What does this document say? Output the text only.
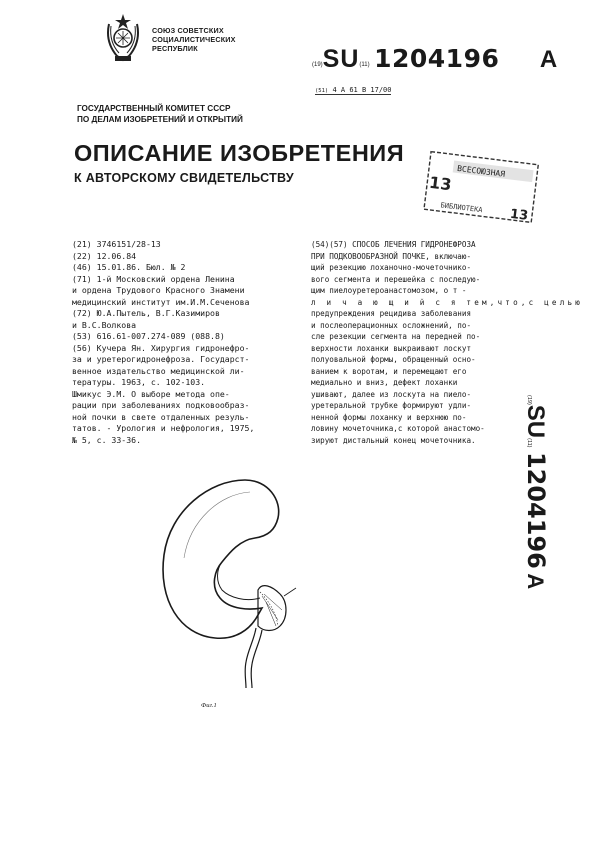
СОЮЗ СОВЕТСКИХ
СОЦИАЛИСТИЧЕСКИХ
РЕСПУБЛИК
(19)SU(11) 1204196 A
(51) 4 А 61 В 17/00
ГОСУДАРСТВЕННЫЙ КОМИТЕТ СССР
ПО ДЕЛАМ ИЗОБРЕТЕНИЙ И ОТКРЫТИЙ
ОПИСАНИЕ ИЗОБРЕТЕНИЯ
К АВТОРСКОМУ СВИДЕТЕЛЬСТВУ	ВСЕСОЮЗНАЯ
13
БИБЛИОТЕКА 13
(21) 3746151/28-13
(22) 12.06.84
(46) 15.01.86. Бюл. № 2
(71) 1-й Московский ордена Ленина
и ордена Трудового Красного Знамени
медицинский институт им.И.М.Сеченова
(72) Ю.А.Пытель, В.Г.Казимиров
и В.С.Волкова
(53) 616.61-007.274-089 (088.8)
(56) Кучера Ян. Хирургия гидронефро-
за и уретерогидронефроза. Государст-
венное издательство медицинской ли-
тературы. 1963, с. 102-103.
Шмикус Э.М. О выборе метода опе-
рации при заболеваниях подковообраз-
ной почки в свете отдаленных резуль-
татов. - Урология и нефрология, 1975,
№ 5, с. 33-36.
(54)(57) СПОСОБ ЛЕЧЕНИЯ ГИДРОНЕФРОЗА
ПРИ ПОДКОВООБРАЗНОЙ ПОЧКЕ, включаю-
щий резекцию лоханочно-мочеточнико-
вого сегмента и перешейка с последую-
щим пиелоуретероанастомозом, о т -
л и ч а ю щ и й с я тем,что,с целью
предупреждения рецидива заболевания
и послеоперационных осложнений, по-
сле резекции сегмента на передней по-
верхности лоханки выкраивают лоскут
полуовальной формы, обращенный осно-
ванием к воротам, и перемещают его
медиально и вниз, дефект лоханки
ушивают, далее из лоскута на пиело-
уретеральной трубке формируют удли-
ненной формы лоханку и верхнюю по-
ловину мочеточника,с которой анастомо-
зируют дистальный конец мочеточника.
(19)SU(11) 1204196 A
Фиг.1
